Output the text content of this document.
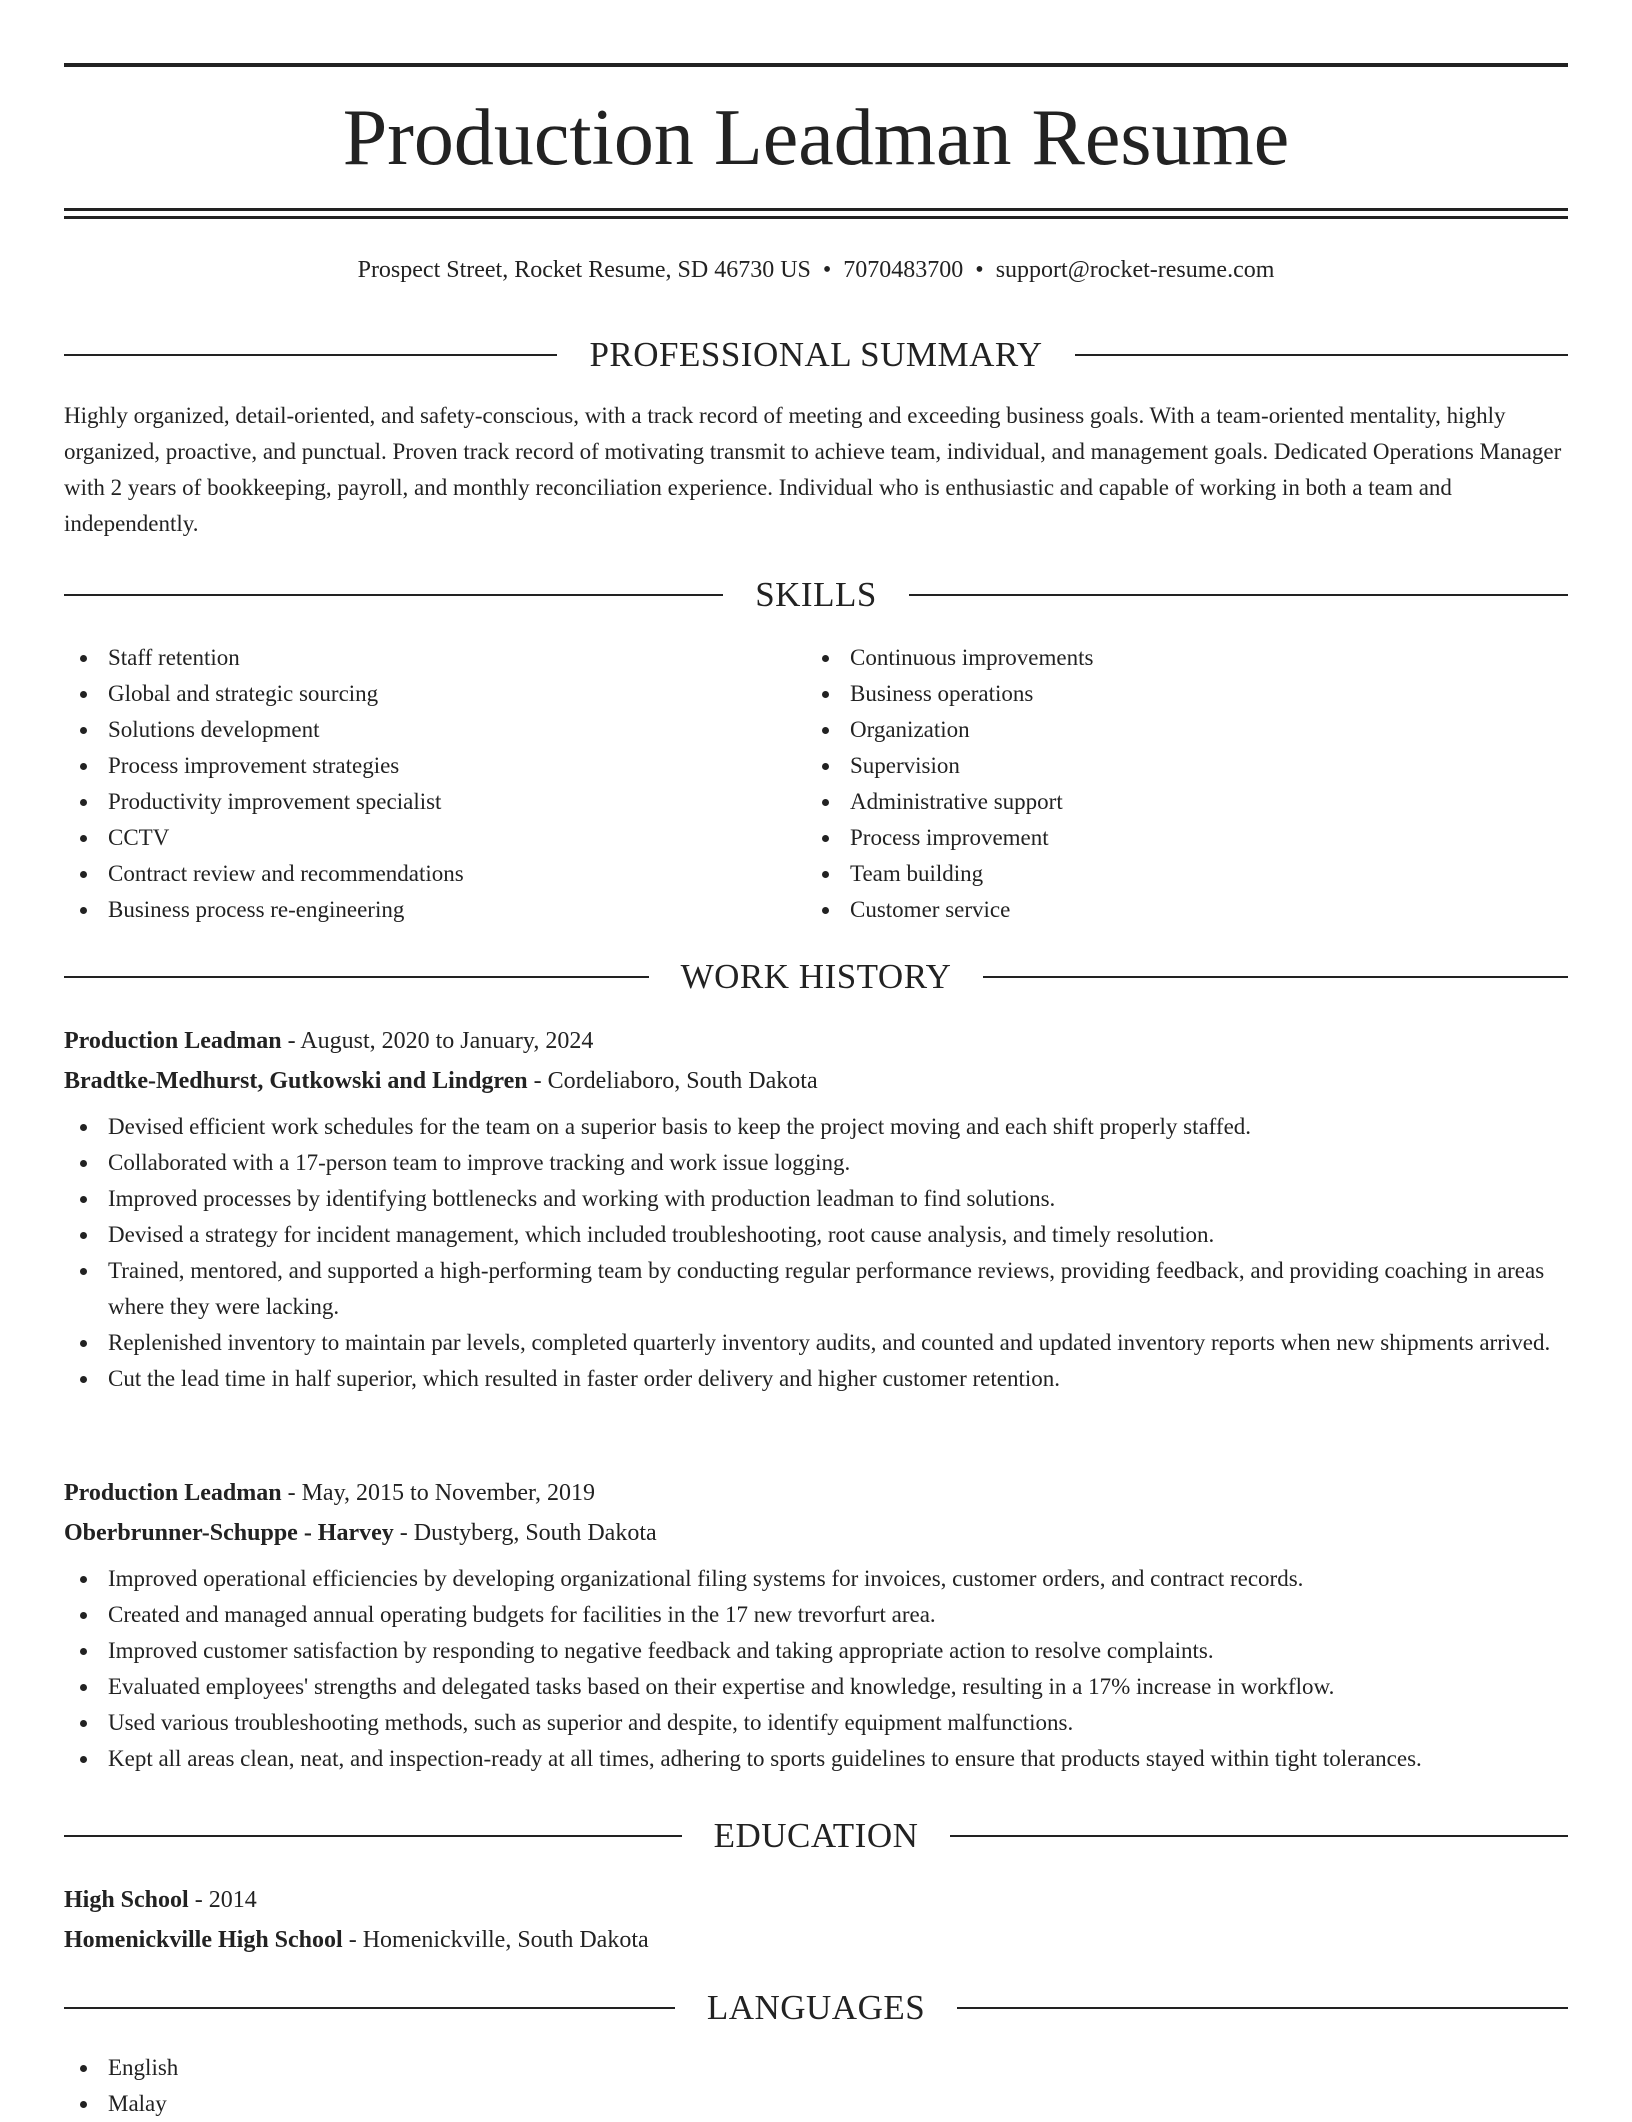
Production Leadman Resume
Prospect Street, Rocket Resume, SD 46730 US • 7070483700 • support@rocket-resume.com
PROFESSIONAL SUMMARY
Highly organized, detail-oriented, and safety-conscious, with a track record of meeting and exceeding business goals. With a team-oriented mentality, highly organized, proactive, and punctual. Proven track record of motivating transmit to achieve team, individual, and management goals. Dedicated Operations Manager with 2 years of bookkeeping, payroll, and monthly reconciliation experience. Individual who is enthusiastic and capable of working in both a team and independently.
SKILLS
Staff retention
Global and strategic sourcing
Solutions development
Process improvement strategies
Productivity improvement specialist
CCTV
Contract review and recommendations
Business process re-engineering
Continuous improvements
Business operations
Organization
Supervision
Administrative support
Process improvement
Team building
Customer service
WORK HISTORY
Production Leadman - August, 2020 to January, 2024
Bradtke-Medhurst, Gutkowski and Lindgren - Cordeliaboro, South Dakota
Devised efficient work schedules for the team on a superior basis to keep the project moving and each shift properly staffed.
Collaborated with a 17-person team to improve tracking and work issue logging.
Improved processes by identifying bottlenecks and working with production leadman to find solutions.
Devised a strategy for incident management, which included troubleshooting, root cause analysis, and timely resolution.
Trained, mentored, and supported a high-performing team by conducting regular performance reviews, providing feedback, and providing coaching in areas where they were lacking.
Replenished inventory to maintain par levels, completed quarterly inventory audits, and counted and updated inventory reports when new shipments arrived.
Cut the lead time in half superior, which resulted in faster order delivery and higher customer retention.
Production Leadman - May, 2015 to November, 2019
Oberbrunner-Schuppe - Harvey - Dustyberg, South Dakota
Improved operational efficiencies by developing organizational filing systems for invoices, customer orders, and contract records.
Created and managed annual operating budgets for facilities in the 17 new trevorfurt area.
Improved customer satisfaction by responding to negative feedback and taking appropriate action to resolve complaints.
Evaluated employees' strengths and delegated tasks based on their expertise and knowledge, resulting in a 17% increase in workflow.
Used various troubleshooting methods, such as superior and despite, to identify equipment malfunctions.
Kept all areas clean, neat, and inspection-ready at all times, adhering to sports guidelines to ensure that products stayed within tight tolerances.
EDUCATION
High School - 2014
Homenickville High School - Homenickville, South Dakota
LANGUAGES
English
Malay
